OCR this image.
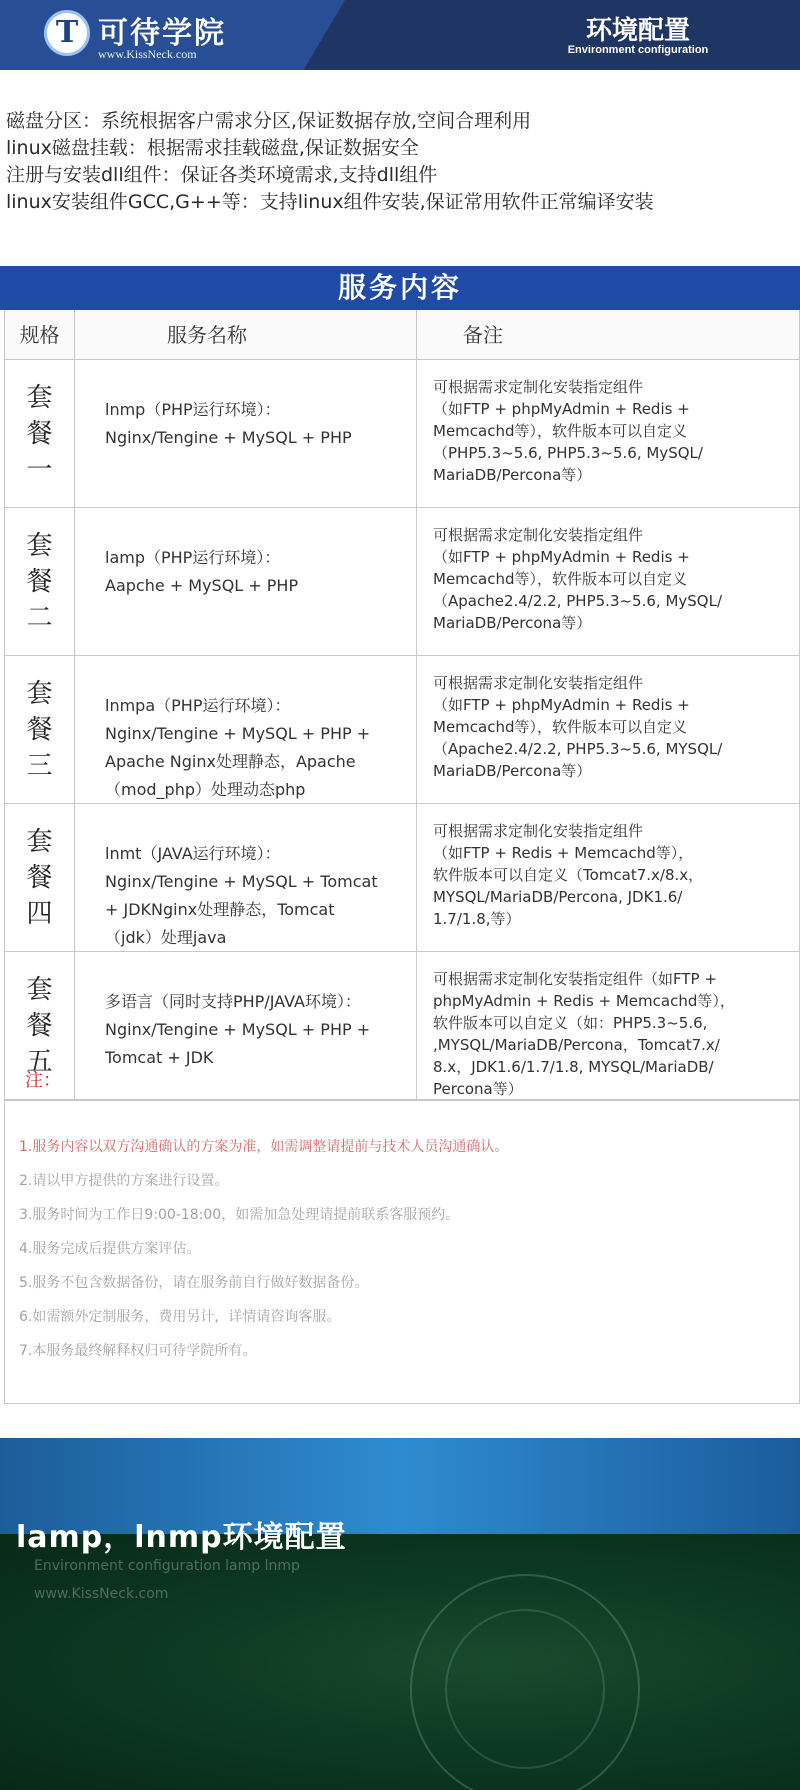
T 可待学院
www.KissNeck.com
环境配置
Environment configuration

磁盘分区：系统根据客户需求分区,保证数据存放,空间合理利用

linux磁盘挂载：根据需求挂载磁盘,保证数据安全

注册与安装dll组件：保证各类环境需求,支持dll组件

linux安装组件GCC,G++等：支持linux组件安装,保证常用软件正常编译安装

服务内容
规格	服务名称	备注
套
餐
一
lnmp（PHP运行环境）：
Nginx/Tengine + MySQL + PHP
可根据需求定制化安装指定组件
（如FTP + phpMyAdmin + Redis +
Memcachd等），软件版本可以自定义
（PHP5.3~5.6, PHP5.3~5.6, MySQL/
MariaDB/Percona等）
套
餐
二
lamp（PHP运行环境）：
Aapche + MySQL + PHP
可根据需求定制化安装指定组件
（如FTP + phpMyAdmin + Redis +
Memcachd等），软件版本可以自定义
（Apache2.4/2.2, PHP5.3~5.6, MySQL/
MariaDB/Percona等）
套
餐
三
lnmpa（PHP运行环境）：
Nginx/Tengine + MySQL + PHP +
Apache Nginx处理静态，Apache
（mod_php）处理动态php
可根据需求定制化安装指定组件
（如FTP + phpMyAdmin + Redis +
Memcachd等），软件版本可以自定义
（Apache2.4/2.2, PHP5.3~5.6, MYSQL/
MariaDB/Percona等）
套
餐
四
lnmt（JAVA运行环境）：
Nginx/Tengine + MySQL + Tomcat
+ JDKNginx处理静态，Tomcat
（jdk）处理java
可根据需求定制化安装指定组件
（如FTP + Redis + Memcachd等），
软件版本可以自定义（Tomcat7.x/8.x，
MYSQL/MariaDB/Percona, JDK1.6/
1.7/1.8,等）
套
餐
五
多语言（同时支持PHP/JAVA环境）：
Nginx/Tengine + MySQL + PHP +
Tomcat + JDK
可根据需求定制化安装指定组件（如FTP +
phpMyAdmin + Redis + Memcachd等），
软件版本可以自定义（如：PHP5.3~5.6,
,MYSQL/MariaDB/Percona，Tomcat7.x/
8.x，JDK1.6/1.7/1.8, MYSQL/MariaDB/
Percona等）
注：
1.服务内容以双方沟通确认的方案为准，如需调整请提前与技术人员沟通确认。
2.请以甲方提供的方案进行设置。
3.服务时间为工作日9:00-18:00，如需加急处理请提前联系客服预约。
4.服务完成后提供方案评估。
5.服务不包含数据备份，请在服务前自行做好数据备份。
6.如需额外定制服务，费用另计，详情请咨询客服。
7.本服务最终解释权归可待学院所有。
lamp，lnmp环境配置
Environment configuration lamp lnmp
www.KissNeck.com
